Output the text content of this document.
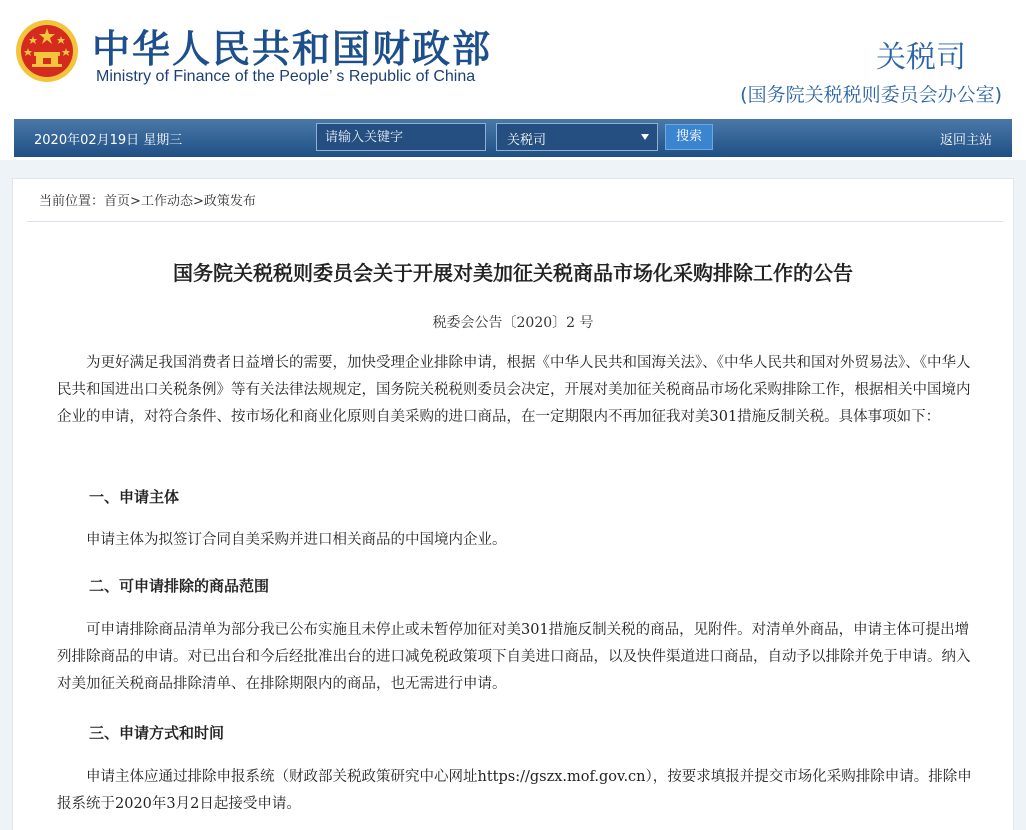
中华人民共和国财政部
Ministry of Finance of the People’ s Republic of China
关税司
(国务院关税税则委员会办公室)
2020年02月19日 星期三
请输入关键字	关税司	搜索	返回主站
当前位置：首页>工作动态>政策发布
国务院关税税则委员会关于开展对美加征关税商品市场化采购排除工作的公告
税委会公告〔2020〕2 号
为更好满足我国消费者日益增长的需要，加快受理企业排除申请，根据《中华人民共和国海关法》、《中华人民共和国对外贸易法》、《中华人民共和国进出口关税条例》等有关法律法规规定，国务院关税税则委员会决定，开展对美加征关税商品市场化采购排除工作，根据相关中国境内企业的申请，对符合条件、按市场化和商业化原则自美采购的进口商品，在一定期限内不再加征我对美301措施反制关税。具体事项如下：
一、申请主体
申请主体为拟签订合同自美采购并进口相关商品的中国境内企业。
二、可申请排除的商品范围
可申请排除商品清单为部分我已公布实施且未停止或未暂停加征对美301措施反制关税的商品，见附件。对清单外商品，申请主体可提出增列排除商品的申请。对已出台和今后经批准出台的进口减免税政策项下自美进口商品，以及快件渠道进口商品，自动予以排除并免于申请。纳入对美加征关税商品排除清单、在排除期限内的商品，也无需进行申请。
三、申请方式和时间
申请主体应通过排除申报系统（财政部关税政策研究中心网址https://gszx.mof.gov.cn），按要求填报并提交市场化采购排除申请。排除申报系统于2020年3月2日起接受申请。
